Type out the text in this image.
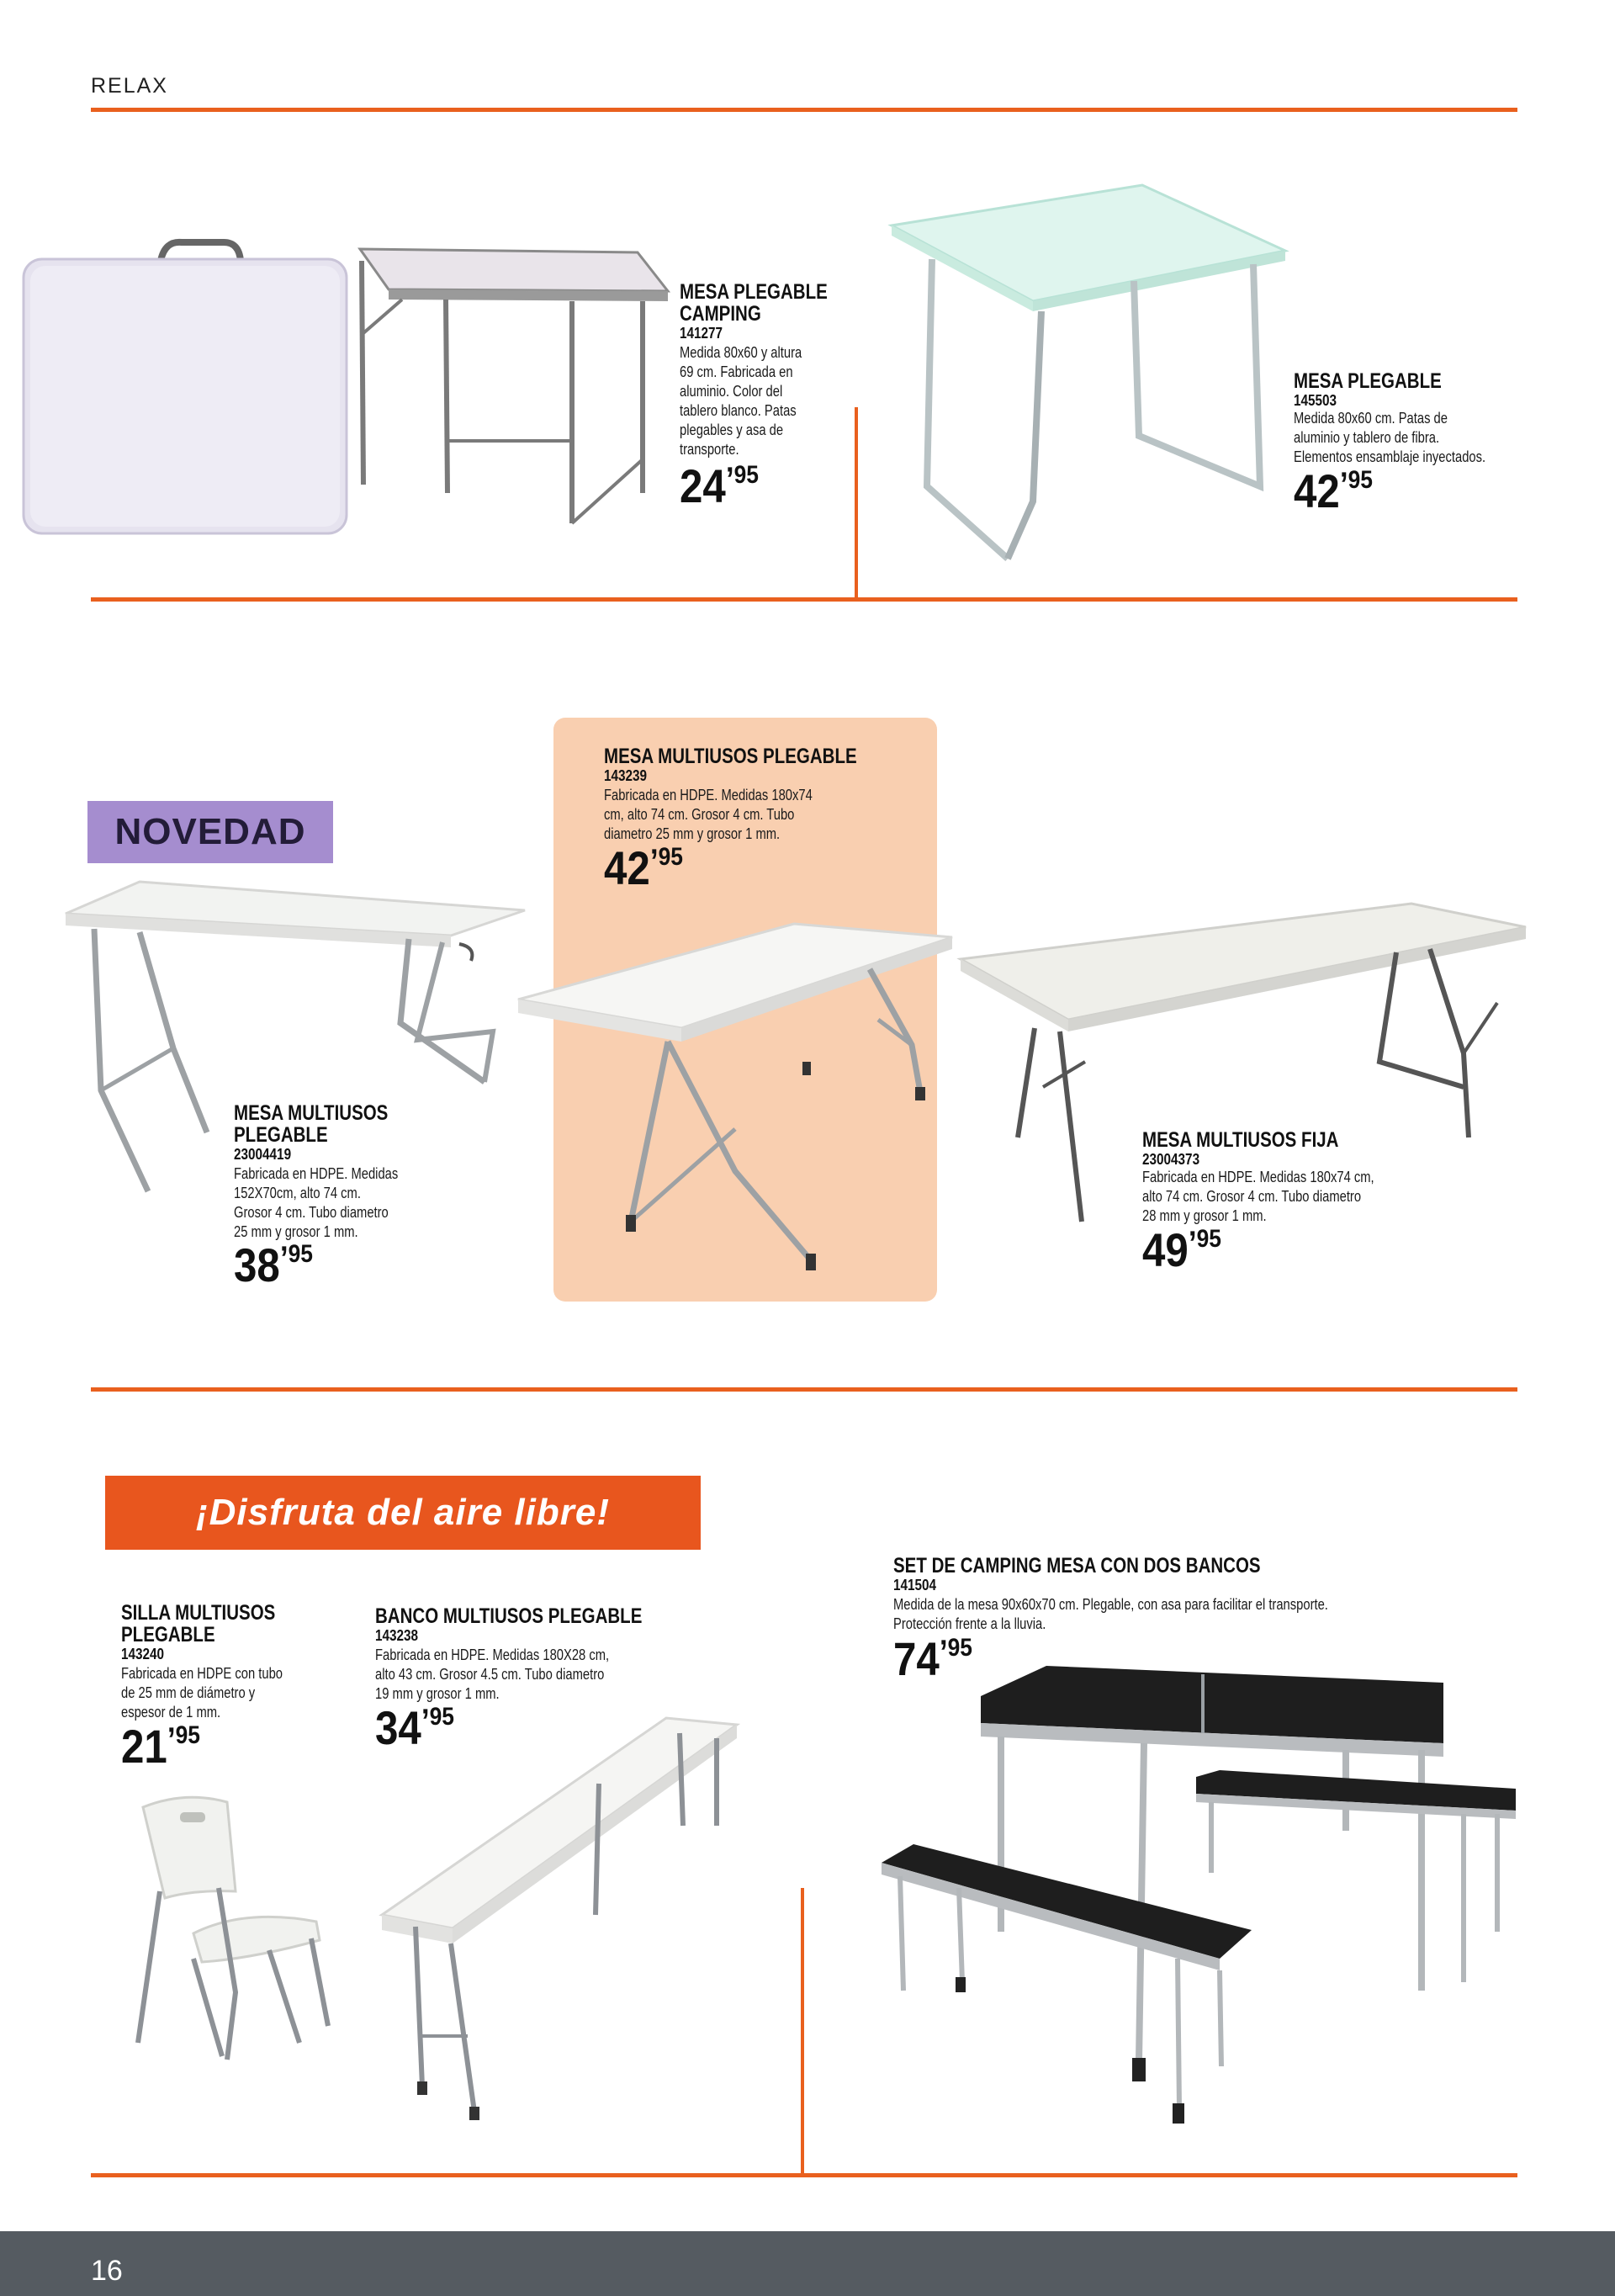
RELAX
MESA PLEGABLE
CAMPING
141277
Medida 80x60 y altura
69 cm. Fabricada en
aluminio. Color del
tablero blanco. Patas
plegables y asa de
transporte.
24’95
MESA PLEGABLE
145503
Medida 80x60 cm. Patas de
aluminio y tablero de fibra.
Elementos ensamblaje inyectados.
42’95
NOVEDAD
MESA MULTIUSOS PLEGABLE
143239
Fabricada en HDPE. Medidas 180x74
cm, alto 74 cm. Grosor 4 cm. Tubo
diametro 25 mm y grosor 1 mm.
42’95
MESA MULTIUSOS
PLEGABLE
23004419
Fabricada en HDPE. Medidas
152X70cm, alto 74 cm.
Grosor 4 cm. Tubo diametro
25 mm y grosor 1 mm.
38’95
MESA MULTIUSOS FIJA
23004373
Fabricada en HDPE. Medidas 180x74 cm,
alto 74 cm. Grosor 4 cm. Tubo diametro
28 mm y grosor 1 mm.
49’95
¡Disfruta del aire libre!
SILLA MULTIUSOS
PLEGABLE
143240
Fabricada en HDPE con tubo
de 25 mm de diámetro y
espesor de 1 mm.
21’95
BANCO MULTIUSOS PLEGABLE
143238
Fabricada en HDPE. Medidas 180X28 cm,
alto 43 cm. Grosor 4.5 cm. Tubo diametro
19 mm y grosor 1 mm.
34’95
SET DE CAMPING MESA CON DOS BANCOS
141504
Medida de la mesa 90x60x70 cm. Plegable, con asa para facilitar el transporte.
Protección frente a la lluvia.
74’95
16
